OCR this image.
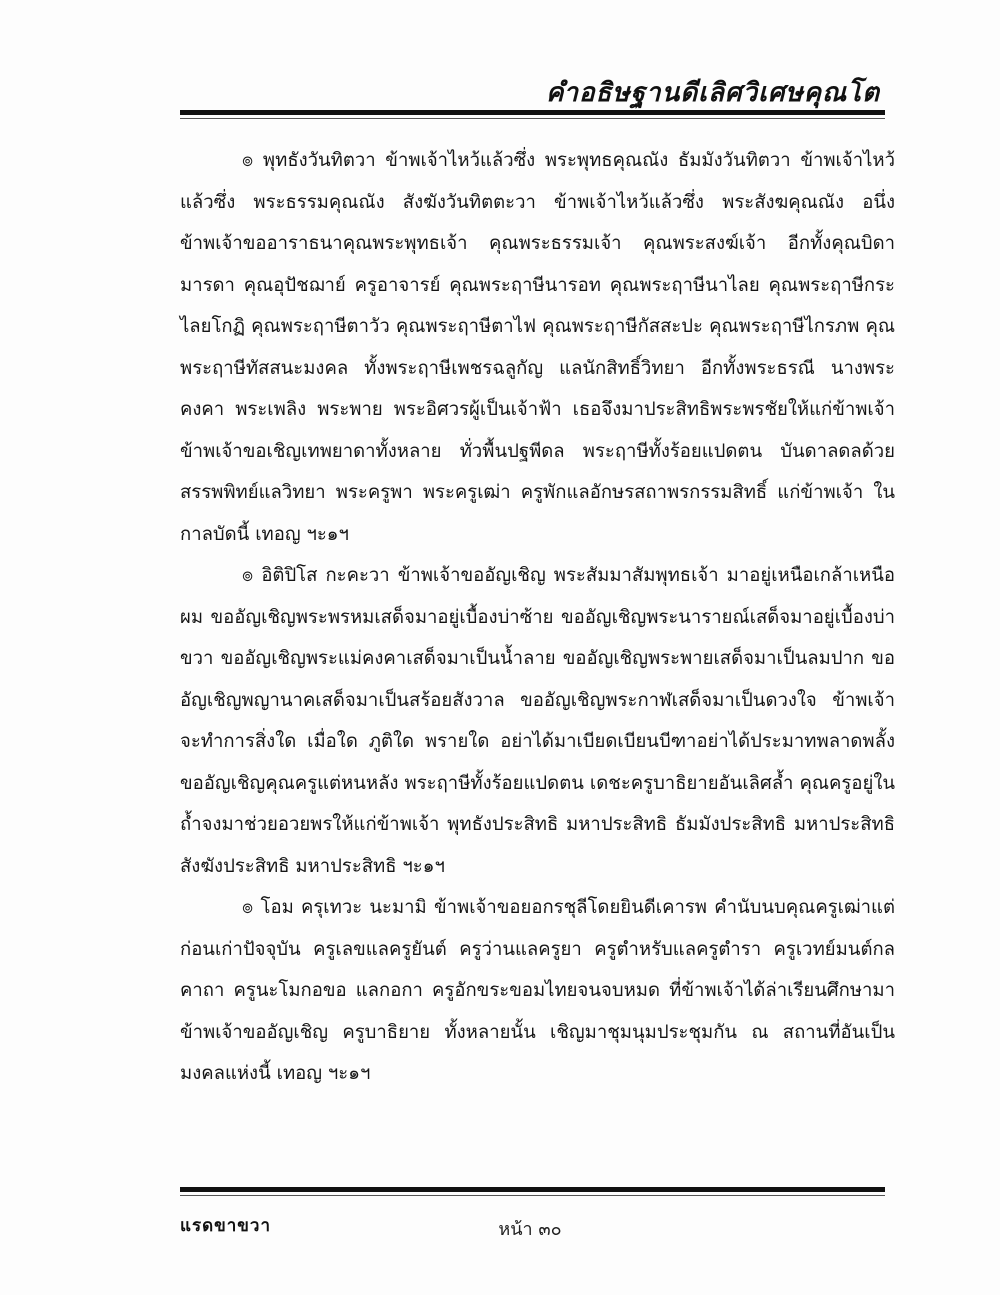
คำอธิษฐานดีเลิศวิเศษคุณโต

๏ พุทธังวันทิตวา ข้าพเจ้าไหว้แล้วซึ่ง พระพุทธคุณณัง ธัมมังวันทิตวา ข้าพเจ้าไหว้แล้วซึ่ง พระธรรมคุณณัง สังฆังวันทิตตะวา ข้าพเจ้าไหว้แล้วซึ่ง พระสังฆคุณณัง อนึ่ง ข้าพเจ้าขออาราธนาคุณพระพุทธเจ้า คุณพระธรรมเจ้า คุณพระสงฆ์เจ้า อีกทั้งคุณบิดามารดา คุณอุปัชฌาย์ ครูอาจารย์ คุณพระฤาษีนารอท คุณพระฤาษีนาไลย คุณพระฤาษีกระไลยโกฏิ คุณพระฤาษีตาวัว คุณพระฤาษีตาไฟ คุณพระฤาษีกัสสะปะ คุณพระฤาษีไกรภพ คุณพระฤาษีทัสสนะมงคล ทั้งพระฤาษีเพชรฉลูกัญ แลนักสิทธิ์วิทยา อีกทั้งพระธรณี นางพระคงคา พระเพลิง พระพาย พระอิศวรผู้เป็นเจ้าฟ้า เธอจึงมาประสิทธิพระพรชัยให้แก่ข้าพเจ้า ข้าพเจ้าขอเชิญเทพยาดาทั้งหลาย ทั่วพื้นปฐพีดล พระฤาษีทั้งร้อยแปดตน บันดาลดลด้วยสรรพพิทย์แลวิทยา พระครูพา พระครูเฒ่า ครูพักแลอักษรสถาพรกรรมสิทธิ์ แก่ข้าพเจ้า ในกาลบัดนี้ เทอญ ฯะ๑ฯ

๏ อิติปิโส กะคะวา ข้าพเจ้าขออัญเชิญ พระสัมมาสัมพุทธเจ้า มาอยู่เหนือเกล้าเหนือผม ขออัญเชิญพระพรหมเสด็จมาอยู่เบื้องบ่าซ้าย ขออัญเชิญพระนารายณ์เสด็จมาอยู่เบื้องบ่าขวา ขออัญเชิญพระแม่คงคาเสด็จมาเป็นน้ำลาย ขออัญเชิญพระพายเสด็จมาเป็นลมปาก ขออัญเชิญพญานาคเสด็จมาเป็นสร้อยสังวาล ขออัญเชิญพระกาฬเสด็จมาเป็นดวงใจ ข้าพเจ้าจะทำการสิ่งใด เมื่อใด ภูติใด พรายใด อย่าได้มาเบียดเบียนบีฑาอย่าได้ประมาทพลาดพลั้ง ขออัญเชิญคุณครูแต่หนหลัง พระฤาษีทั้งร้อยแปดตน เดชะครูบาธิยายอันเลิศล้ำ คุณครูอยู่ในถ้ำจงมาช่วยอวยพรให้แก่ข้าพเจ้า พุทธังประสิทธิ มหาประสิทธิ ธัมมังประสิทธิ มหาประสิทธิ สังฆังประสิทธิ มหาประสิทธิ ฯะ๑ฯ

๏ โอม ครุเทวะ นะมามิ ข้าพเจ้าขอยอกรชุลีโดยยินดีเคารพ คำนับนบคุณครูเฒ่าแต่ก่อนเก่าปัจจุบัน ครูเลขแลครูยันต์ ครูว่านแลครูยา ครูตำหรับแลครูตำรา ครูเวทย์มนต์กลคาถา ครูนะโมกอขอ แลกอกา ครูอักขระขอมไทยจนจบหมด ที่ข้าพเจ้าได้ล่าเรียนศึกษามา ข้าพเจ้าขออัญเชิญ ครูบาธิยาย ทั้งหลายนั้น เชิญมาชุมนุมประชุมกัน ณ สถานที่อันเป็นมงคลแห่งนี้ เทอญ ฯะ๑ฯ

แรดขาขวา	หน้า ๓๐
